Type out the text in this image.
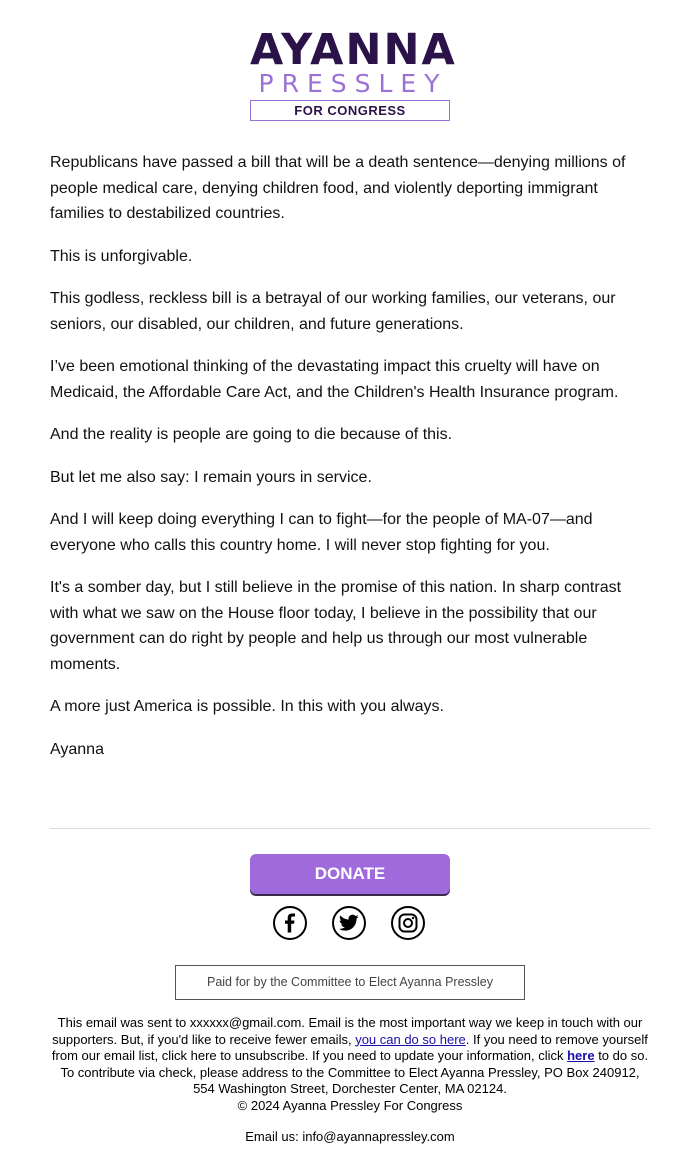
AYANNA
PRESSLEY
FOR CONGRESS

Republicans have passed a bill that will be a death sentence—denying millions of people medical care, denying children food, and violently deporting immigrant families to destabilized countries.

This is unforgivable.

This godless, reckless bill is a betrayal of our working families, our veterans, our seniors, our disabled, our children, and future generations.

I’ve been emotional thinking of the devastating impact this cruelty will have on Medicaid, the Affordable Care Act, and the Children's Health Insurance program.

And the reality is people are going to die because of this.

But let me also say: I remain yours in service.

And I will keep doing everything I can to fight—for the people of MA-07—and everyone who calls this country home. I will never stop fighting for you.

It's a somber day, but I still believe in the promise of this nation. In sharp contrast with what we saw on the House floor today, I believe in the possibility that our government can do right by people and help us through our most vulnerable moments.

A more just America is possible. In this with you always.

Ayanna

DONATE
Paid for by the Committee to Elect Ayanna Pressley
This email was sent to xxxxxx@gmail.com. Email is the most important way we keep in touch with our supporters. But, if you'd like to receive fewer emails, you can do so here. If you need to remove yourself from our email list, click here to unsubscribe. If you need to update your information, click here to do so. To contribute via check, please address to the Committee to Elect Ayanna Pressley, PO Box 240912, 554 Washington Street, Dorchester Center, MA 02124.
© 2024 Ayanna Pressley For Congress
Email us: info@ayannapressley.com
